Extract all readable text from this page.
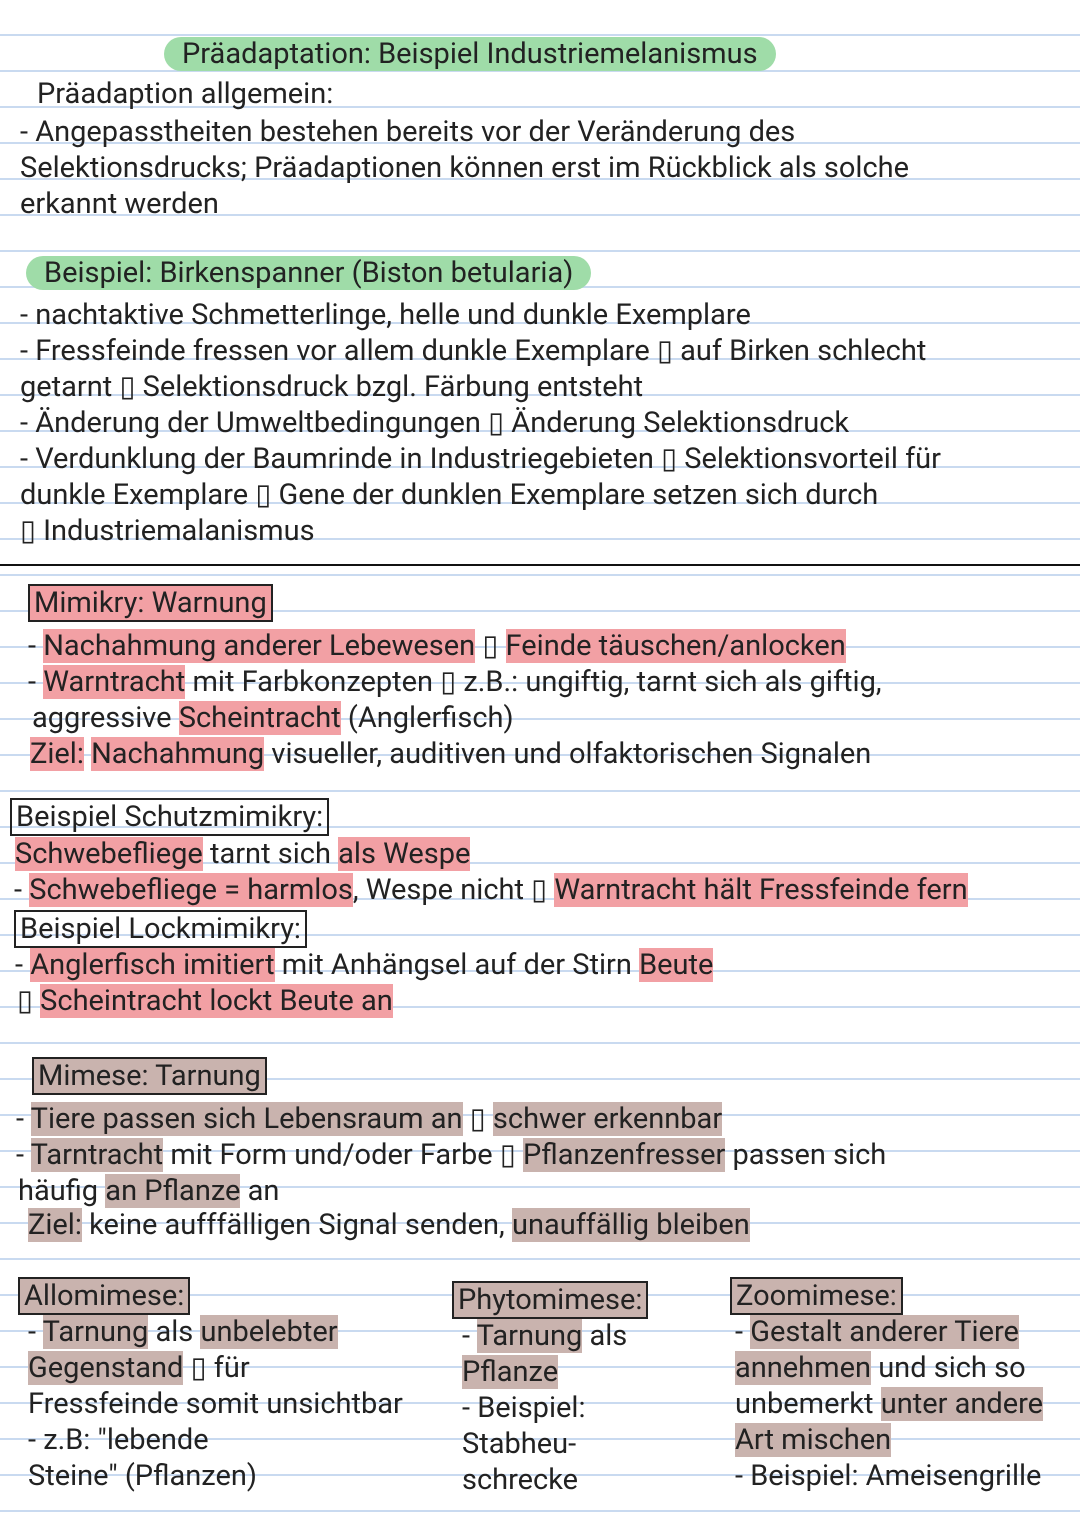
Präadaptation: Beispiel Industriemelanismus
Präadaption allgemein:
- Angepasstheiten bestehen bereits vor der Veränderung des
Selektionsdrucks; Präadaptionen können erst im Rückblick als solche
erkannt werden
Beispiel: Birkenspanner (Biston betularia)
- nachtaktive Schmetterlinge, helle und dunkle Exemplare
- Fressfeinde fressen vor allem dunkle Exemplare ▯ auf Birken schlecht
getarnt ▯ Selektionsdruck bzgl. Färbung entsteht
- Änderung der Umweltbedingungen ▯ Änderung Selektionsdruck
- Verdunklung der Baumrinde in Industriegebieten ▯ Selektionsvorteil für
dunkle Exemplare ▯ Gene der dunklen Exemplare setzen sich durch
▯ Industriemalanismus
Mimikry: Warnung
- Nachahmung anderer Lebewesen ▯ Feinde täuschen/anlocken
- Warntracht mit Farbkonzepten ▯ z.B.: ungiftig, tarnt sich als giftig,
aggressive Scheintracht (Anglerfisch)
Ziel: Nachahmung visueller, auditiven und olfaktorischen Signalen
Beispiel Schutzmimikry:
Schwebefliege tarnt sich als Wespe
- Schwebefliege = harmlos, Wespe nicht ▯ Warntracht hält Fressfeinde fern
Beispiel Lockmimikry:
- Anglerfisch imitiert mit Anhängsel auf der Stirn Beute
▯ Scheintracht lockt Beute an
Mimese: Tarnung
- Tiere passen sich Lebensraum an ▯ schwer erkennbar
- Tarntracht mit Form und/oder Farbe ▯ Pflanzenfresser passen sich
häufig an Pflanze an
Ziel: keine aufffälligen Signal senden, unauffällig bleiben
Allomimese:
- Tarnung als unbelebter
Gegenstand ▯ für
Fressfeinde somit unsichtbar
- z.B: "lebende
Steine" (Pflanzen)
Phytomimese:
- Tarnung als
Pflanze
- Beispiel:
Stabheu-
schrecke
Zoomimese:
- Gestalt anderer Tiere
annehmen und sich so
unbemerkt unter andere
Art mischen
- Beispiel: Ameisengrille
